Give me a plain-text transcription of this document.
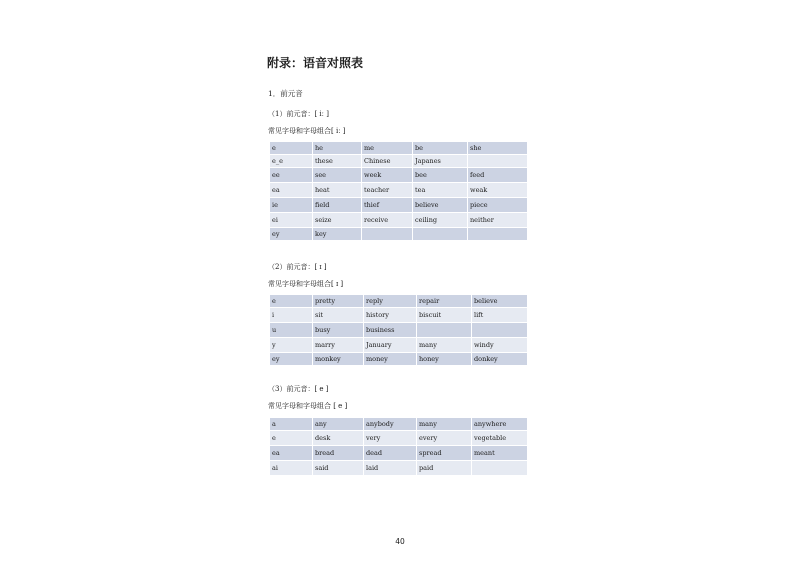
附录：语音对照表
1．前元音
（1）前元音：[ iː ]
常见字母和字母组合[ iː ]
e	he	me	be	she
e_e	these	Chinese	Japanes	
ee	see	week	bee	feed
ea	heat	teacher	tea	weak
ie	field	thief	believe	piece
ei	seize	receive	ceiling	neither
ey	key			
（2）前元音：[ ɪ ]
常见字母和字母组合[ ɪ ]
e	pretty	reply	repair	believe
i	sit	history	biscuit	lift
u	busy	business		
y	marry	January	many	windy
ey	monkey	money	honey	donkey
（3）前元音：[ e ]
常见字母和字母组合 [ e ]
a	any	anybody	many	anywhere
e	desk	very	every	vegetable
ea	bread	dead	spread	meant
ai	said	laid	paid	
40
